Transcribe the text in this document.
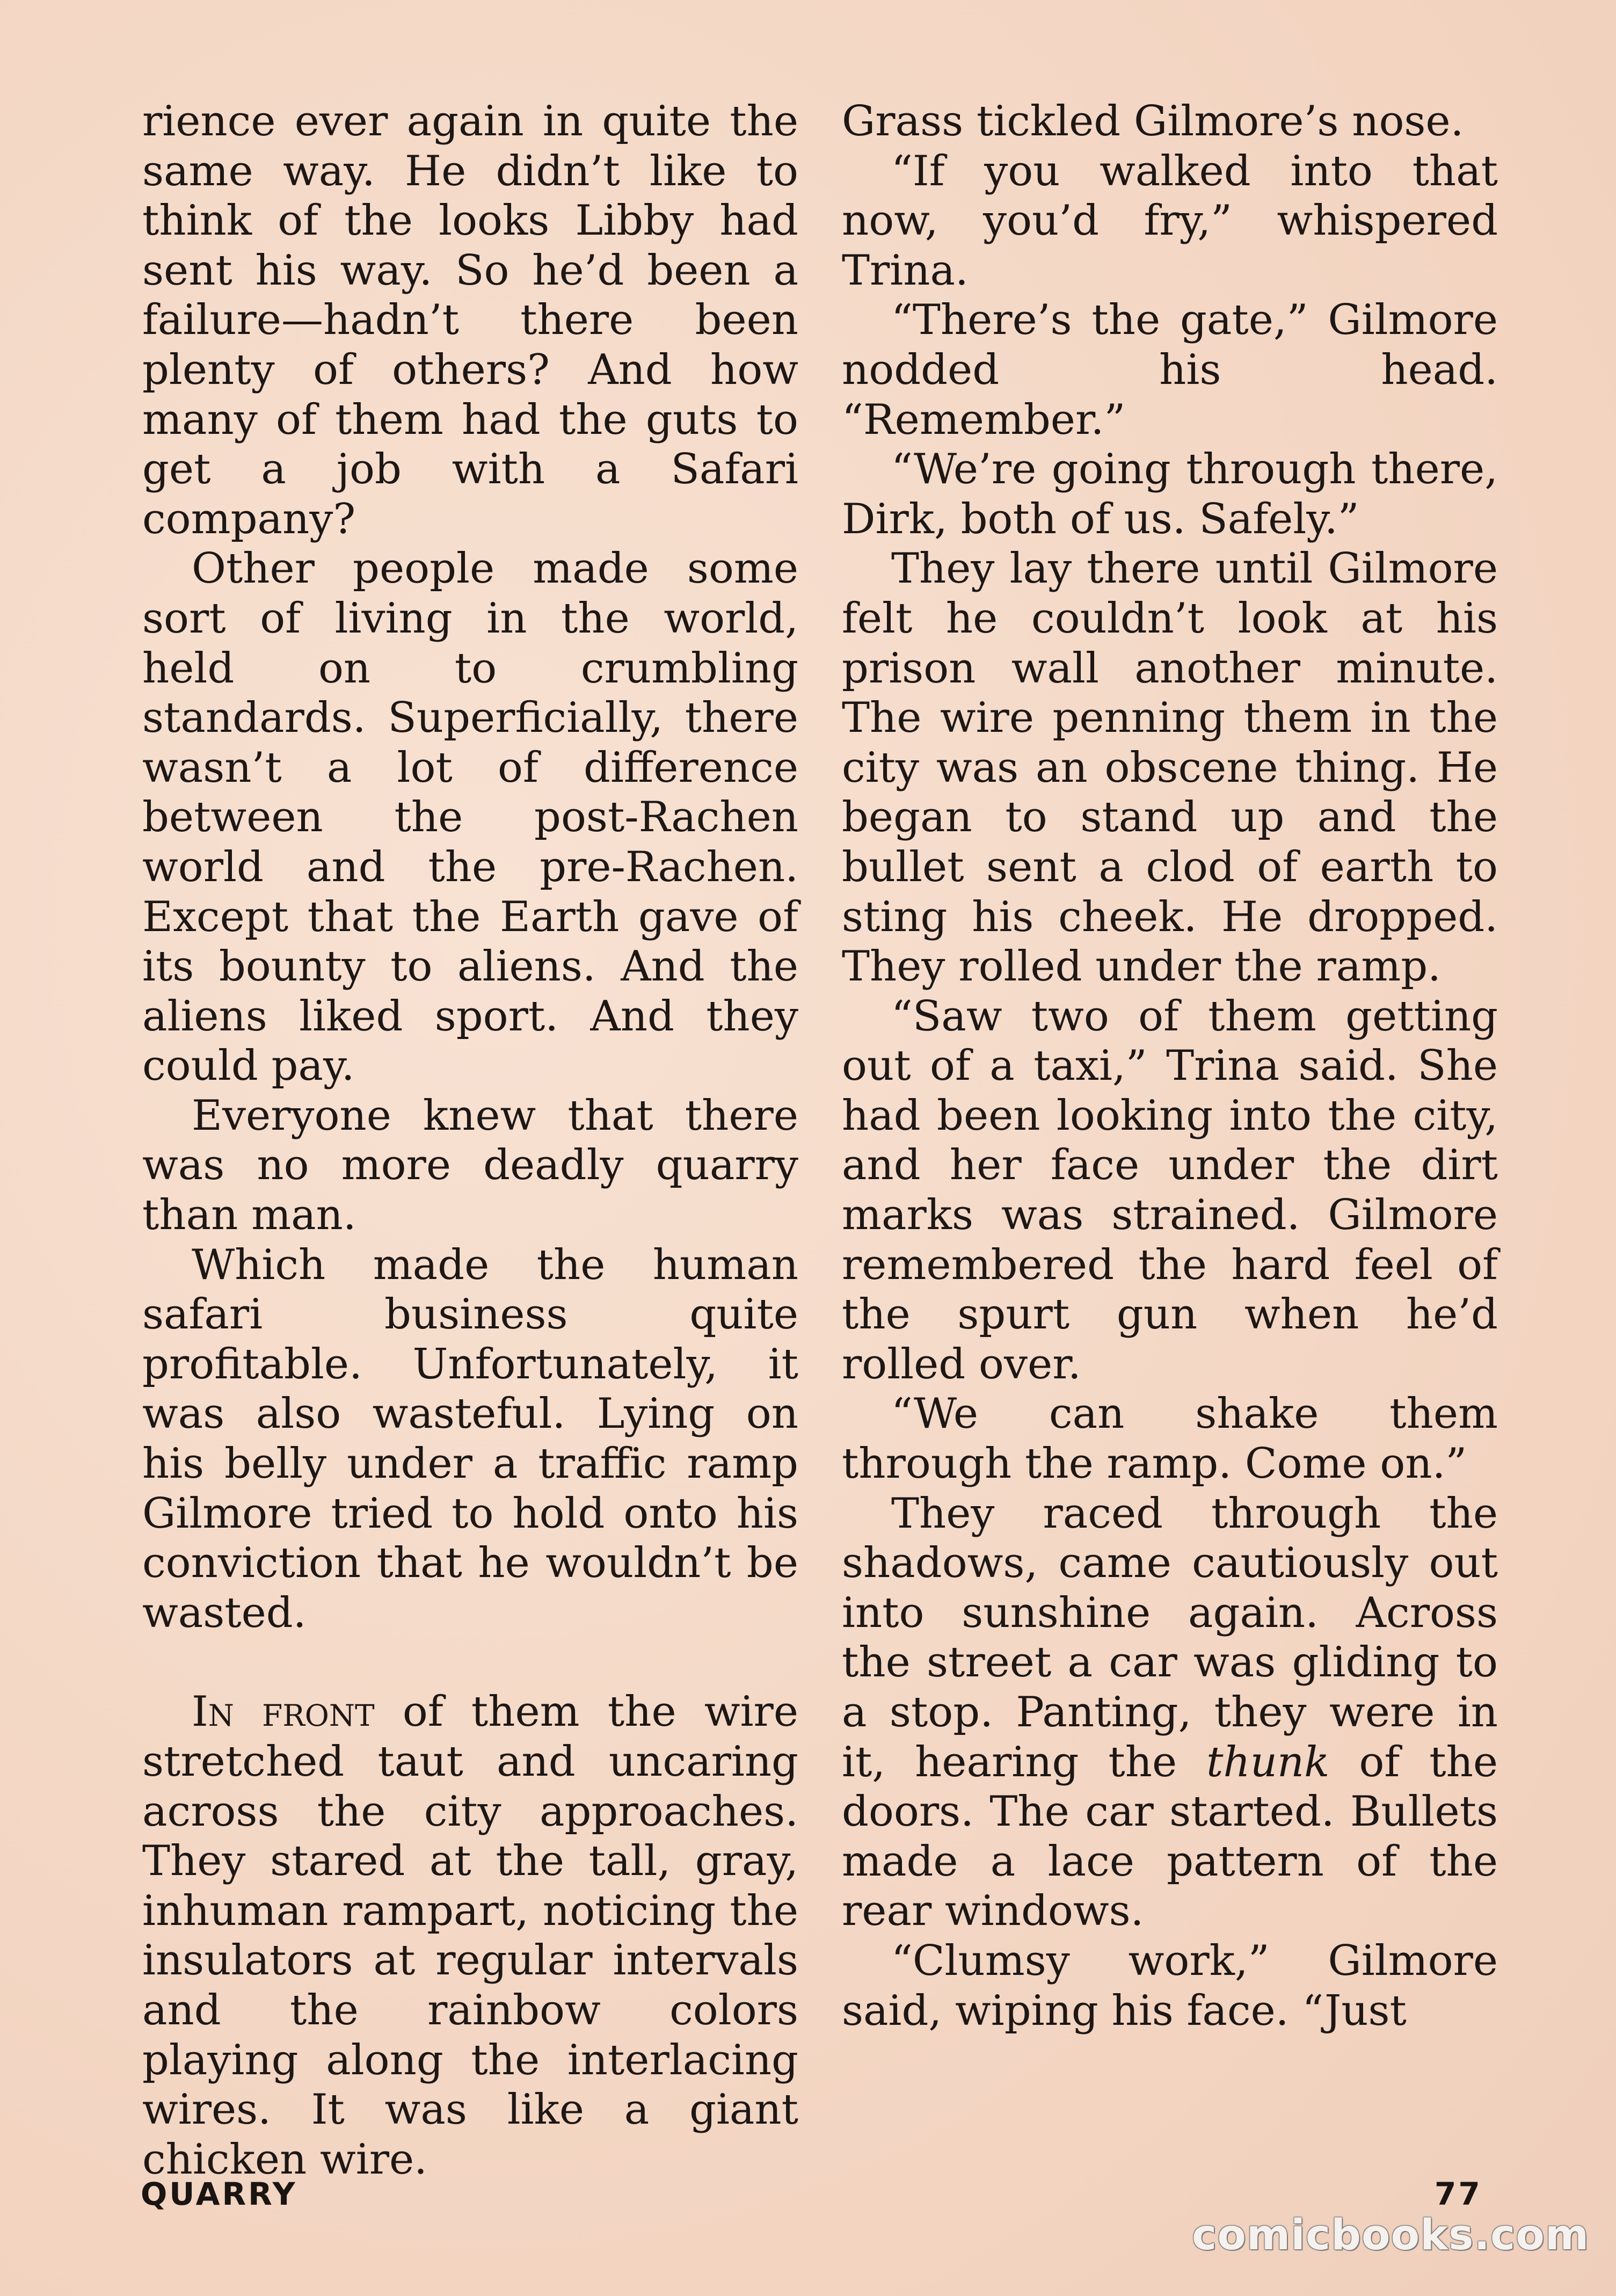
rience ever again in quite the same way. He didn’t like to think of the looks Libby had sent his way. So he’d been a failure—hadn’t there been plenty of others? And how many of them had the guts to get a job with a Safari company?

Other people made some sort of living in the world, held on to crumbling standards. Superficially, there wasn’t a lot of difference between the post-Rachen world and the pre-Rachen. Except that the Earth gave of its bounty to aliens. And the aliens liked sport. And they could pay.

Everyone knew that there was no more deadly quarry than man.

Which made the human safari business quite profitable. Unfortunately, it was also wasteful. Lying on his belly under a traffic ramp Gilmore tried to hold onto his conviction that he wouldn’t be wasted.

In front of them the wire stretched taut and uncaring across the city approaches. They stared at the tall, gray, inhuman rampart, noticing the insulators at regular intervals and the rainbow colors playing along the interlacing wires. It was like a giant chicken wire.

Grass tickled Gilmore’s nose.

“If you walked into that now, you’d fry,” whispered Trina.

“There’s the gate,” Gilmore nodded his head. “Remember.”

“We’re going through there, Dirk, both of us. Safely.”

They lay there until Gilmore felt he couldn’t look at his prison wall another minute. The wire penning them in the city was an obscene thing. He began to stand up and the bullet sent a clod of earth to sting his cheek. He dropped. They rolled under the ramp.

“Saw two of them getting out of a taxi,” Trina said. She had been looking into the city, and her face under the dirt marks was strained. Gilmore remembered the hard feel of the spurt gun when he’d rolled over.

“We can shake them through the ramp. Come on.”

They raced through the shadows, came cautiously out into sunshine again. Across the street a car was gliding to a stop. Panting, they were in it, hearing the thunk of the doors. The car started. Bullets made a lace pattern of the rear windows.

“Clumsy work,” Gilmore said, wiping his face. “Just

QUARRY	77
comicbooks.com
